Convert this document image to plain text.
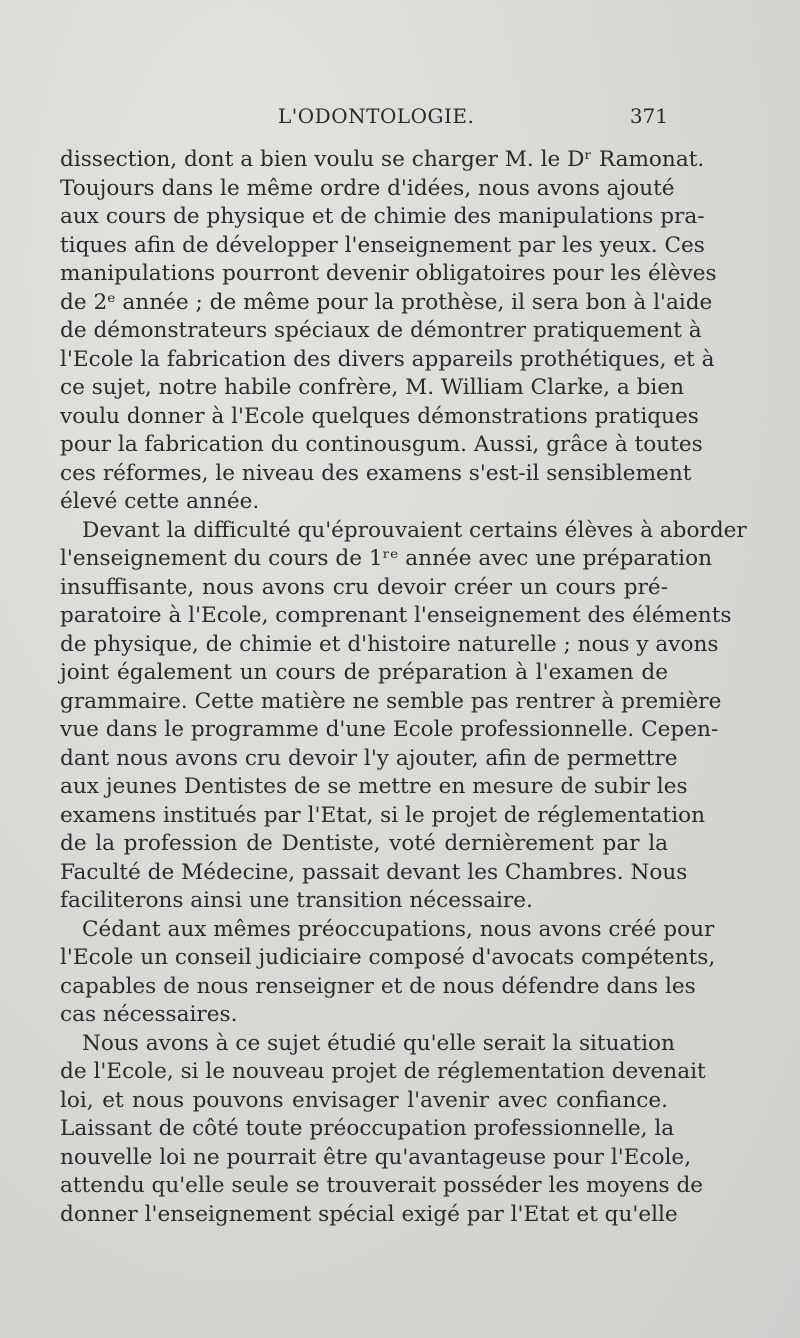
L'ODONTOLOGIE.	371
dissection, dont a bien voulu se charger M. le Dʳ Ramonat.
Toujours dans le même ordre d'idées, nous avons ajouté
aux cours de physique et de chimie des manipulations pra-
tiques afin de développer l'enseignement par les yeux. Ces
manipulations pourront devenir obligatoires pour les élèves
de 2ᵉ année ; de même pour la prothèse, il sera bon à l'aide
de démonstrateurs spéciaux de démontrer pratiquement à
l'Ecole la fabrication des divers appareils prothétiques, et à
ce sujet, notre habile confrère, M. William Clarke, a bien
voulu donner à l'Ecole quelques démonstrations pratiques
pour la fabrication du continousgum. Aussi, grâce à toutes
ces réformes, le niveau des examens s'est-il sensiblement
élevé cette année.
Devant la difficulté qu'éprouvaient certains élèves à aborder
l'enseignement du cours de 1ʳᵉ année avec une préparation
insuffisante, nous avons cru devoir créer un cours pré-
paratoire à l'Ecole, comprenant l'enseignement des éléments
de physique, de chimie et d'histoire naturelle ; nous y avons
joint également un cours de préparation à l'examen de
grammaire. Cette matière ne semble pas rentrer à première
vue dans le programme d'une Ecole professionnelle. Cepen-
dant nous avons cru devoir l'y ajouter, afin de permettre
aux jeunes Dentistes de se mettre en mesure de subir les
examens institués par l'Etat, si le projet de réglementation
de la profession de Dentiste, voté dernièrement par la
Faculté de Médecine, passait devant les Chambres. Nous
faciliterons ainsi une transition nécessaire.
Cédant aux mêmes préoccupations, nous avons créé pour
l'Ecole un conseil judiciaire composé d'avocats compétents,
capables de nous renseigner et de nous défendre dans les
cas nécessaires.
Nous avons à ce sujet étudié qu'elle serait la situation
de l'Ecole, si le nouveau projet de réglementation devenait
loi, et nous pouvons envisager l'avenir avec confiance.
Laissant de côté toute préoccupation professionnelle, la
nouvelle loi ne pourrait être qu'avantageuse pour l'Ecole,
attendu qu'elle seule se trouverait posséder les moyens de
donner l'enseignement spécial exigé par l'Etat et qu'elle
